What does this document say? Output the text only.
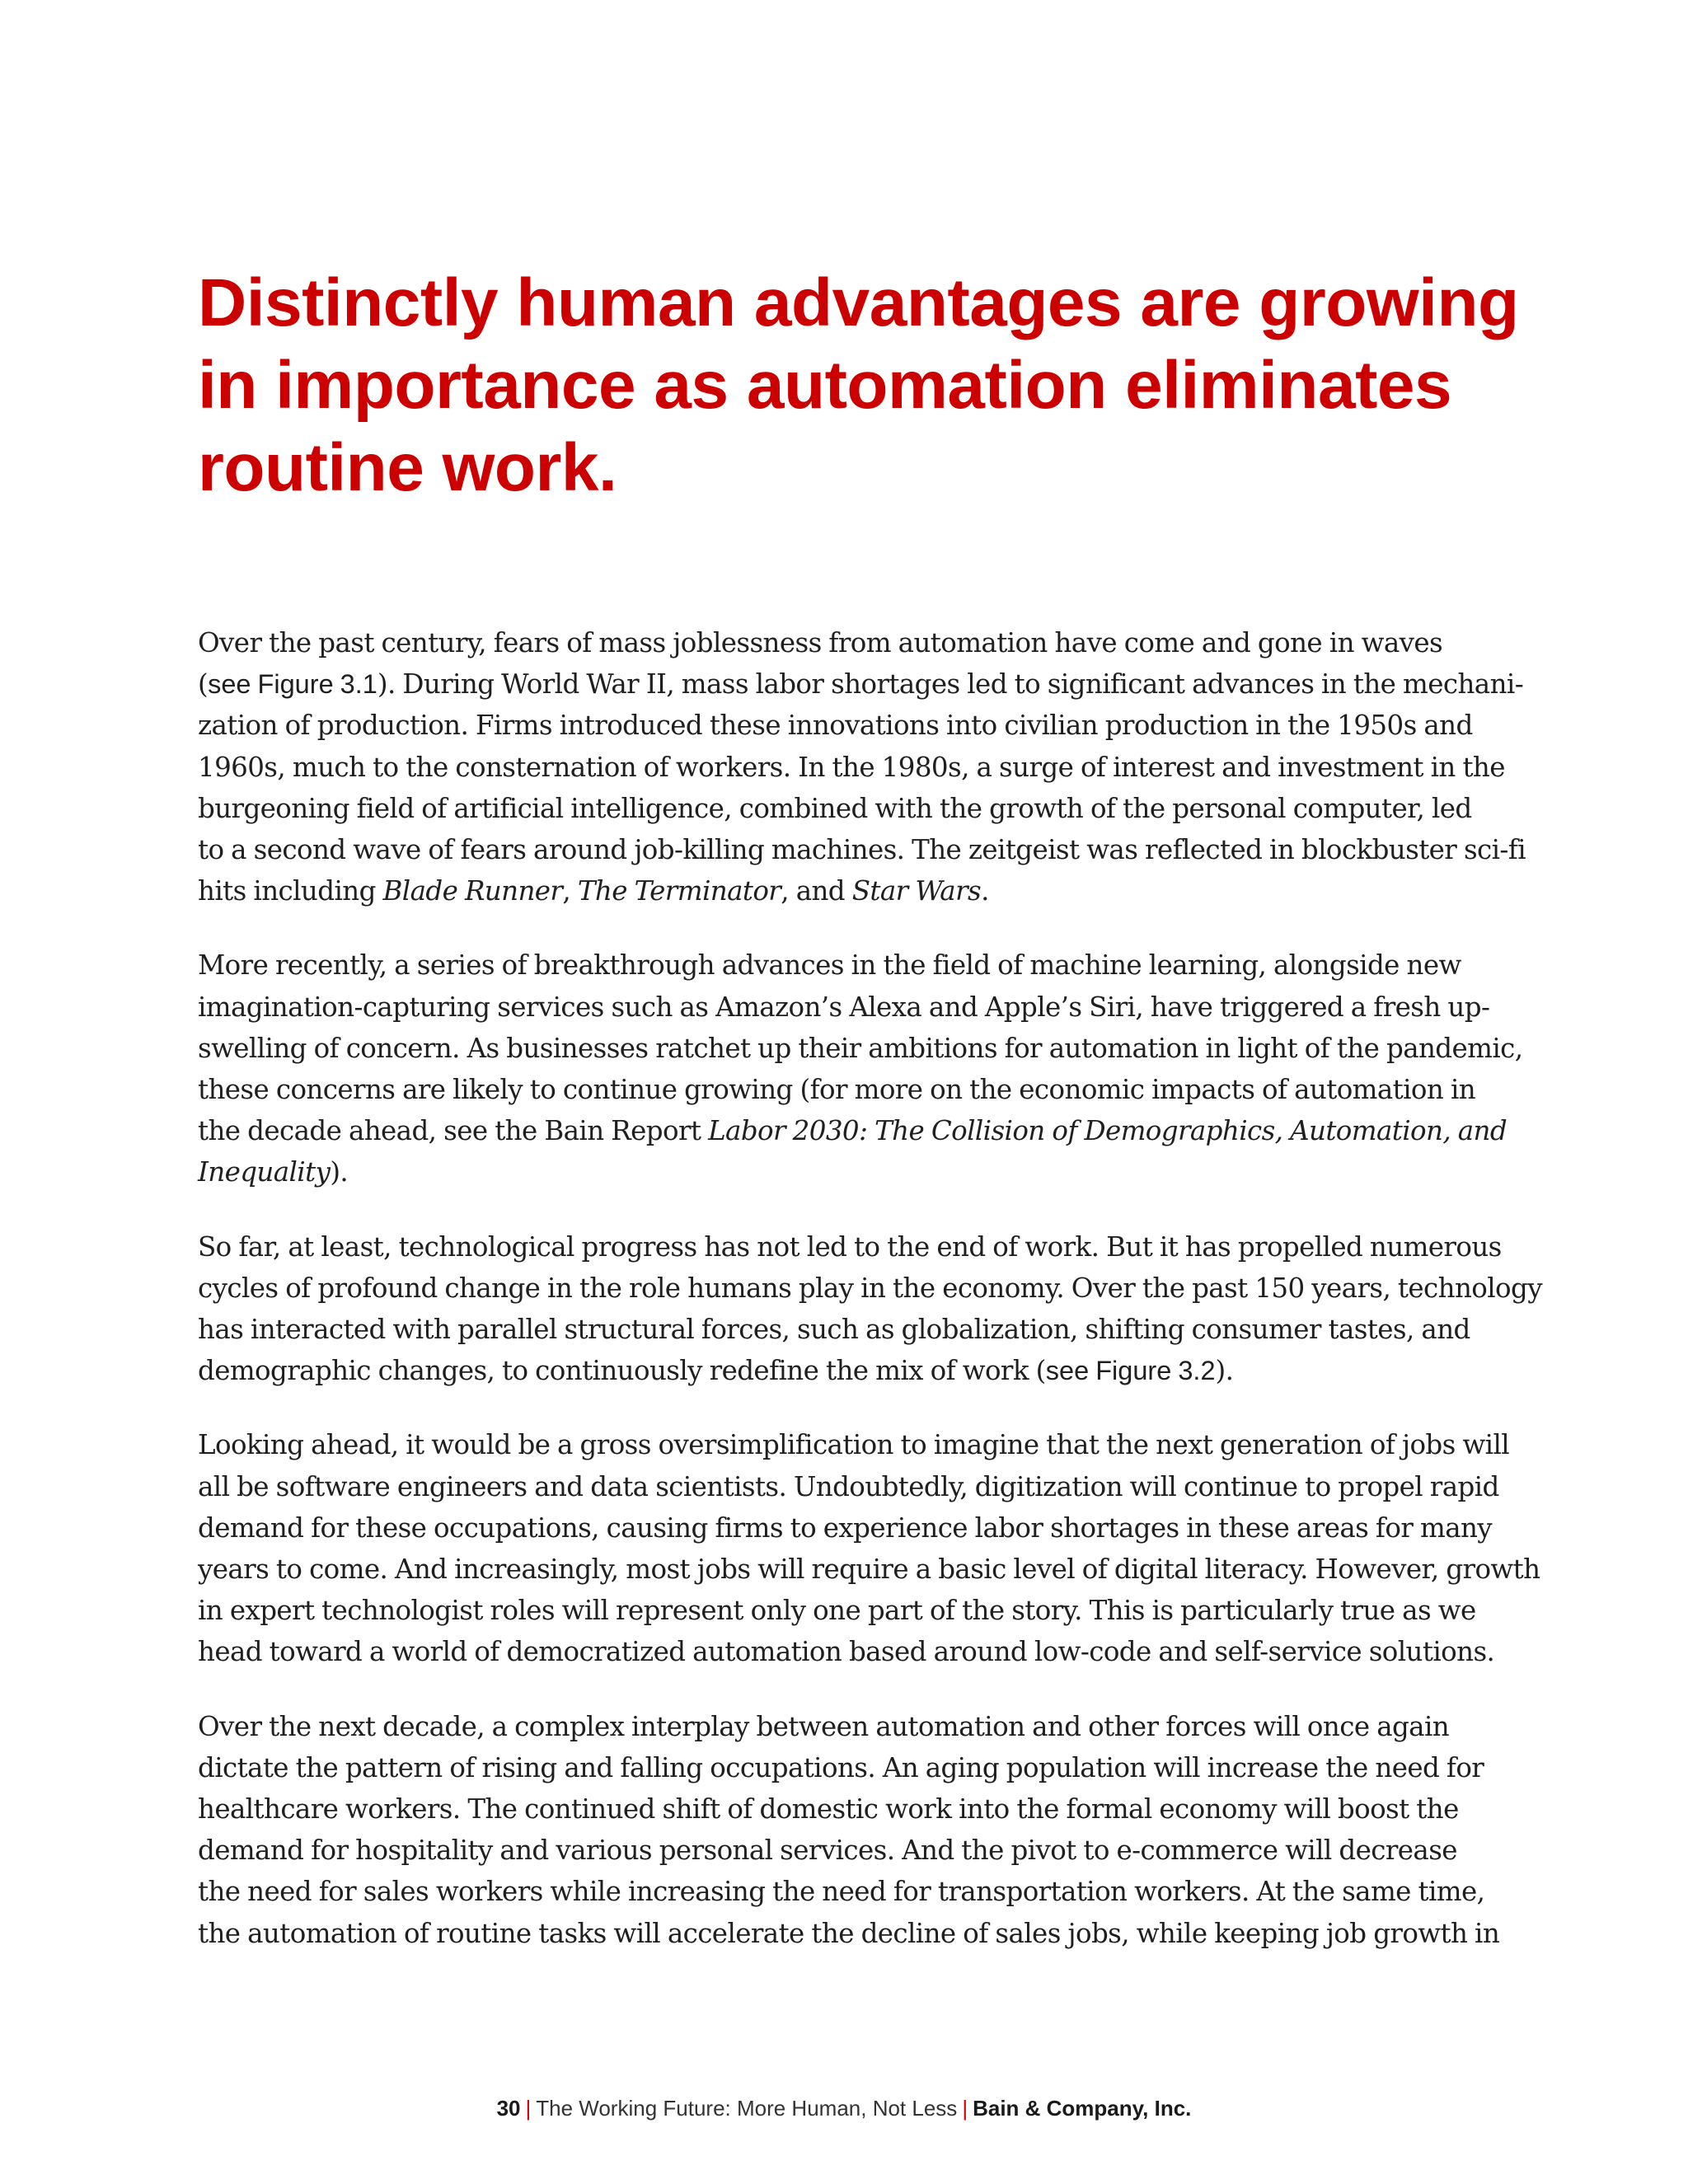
Distinctly human advantages are growing
in importance as automation eliminates
routine work.

Over the past century, fears of mass joblessness from automation have come and gone in waves
(see Figure 3.1). During World War II, mass labor shortages led to significant advances in the mechani-
zation of production. Firms introduced these innovations into civilian production in the 1950s and
1960s, much to the consternation of workers. In the 1980s, a surge of interest and investment in the
burgeoning field of artificial intelligence, combined with the growth of the personal computer, led
to a second wave of fears around job-killing machines. The zeitgeist was reflected in blockbuster sci-fi
hits including Blade Runner, The Terminator, and Star Wars.

More recently, a series of breakthrough advances in the field of machine learning, alongside new
imagination-capturing services such as Amazon’s Alexa and Apple’s Siri, have triggered a fresh up-
swelling of concern. As businesses ratchet up their ambitions for automation in light of the pandemic,
these concerns are likely to continue growing (for more on the economic impacts of automation in
the decade ahead, see the Bain Report Labor 2030: The Collision of Demographics, Automation, and
Inequality).

So far, at least, technological progress has not led to the end of work. But it has propelled numerous
cycles of profound change in the role humans play in the economy. Over the past 150 years, technology
has interacted with parallel structural forces, such as globalization, shifting consumer tastes, and
demographic changes, to continuously redefine the mix of work (see Figure 3.2).

Looking ahead, it would be a gross oversimplification to imagine that the next generation of jobs will
all be software engineers and data scientists. Undoubtedly, digitization will continue to propel rapid
demand for these occupations, causing firms to experience labor shortages in these areas for many
years to come. And increasingly, most jobs will require a basic level of digital literacy. However, growth
in expert technologist roles will represent only one part of the story. This is particularly true as we
head toward a world of democratized automation based around low-code and self-service solutions.

Over the next decade, a complex interplay between automation and other forces will once again
dictate the pattern of rising and falling occupations. An aging population will increase the need for
healthcare workers. The continued shift of domestic work into the formal economy will boost the
demand for hospitality and various personal services. And the pivot to e-commerce will decrease
the need for sales workers while increasing the need for transportation workers. At the same time,
the automation of routine tasks will accelerate the decline of sales jobs, while keeping job growth in

30 | The Working Future: More Human, Not Less | Bain & Company, Inc.
